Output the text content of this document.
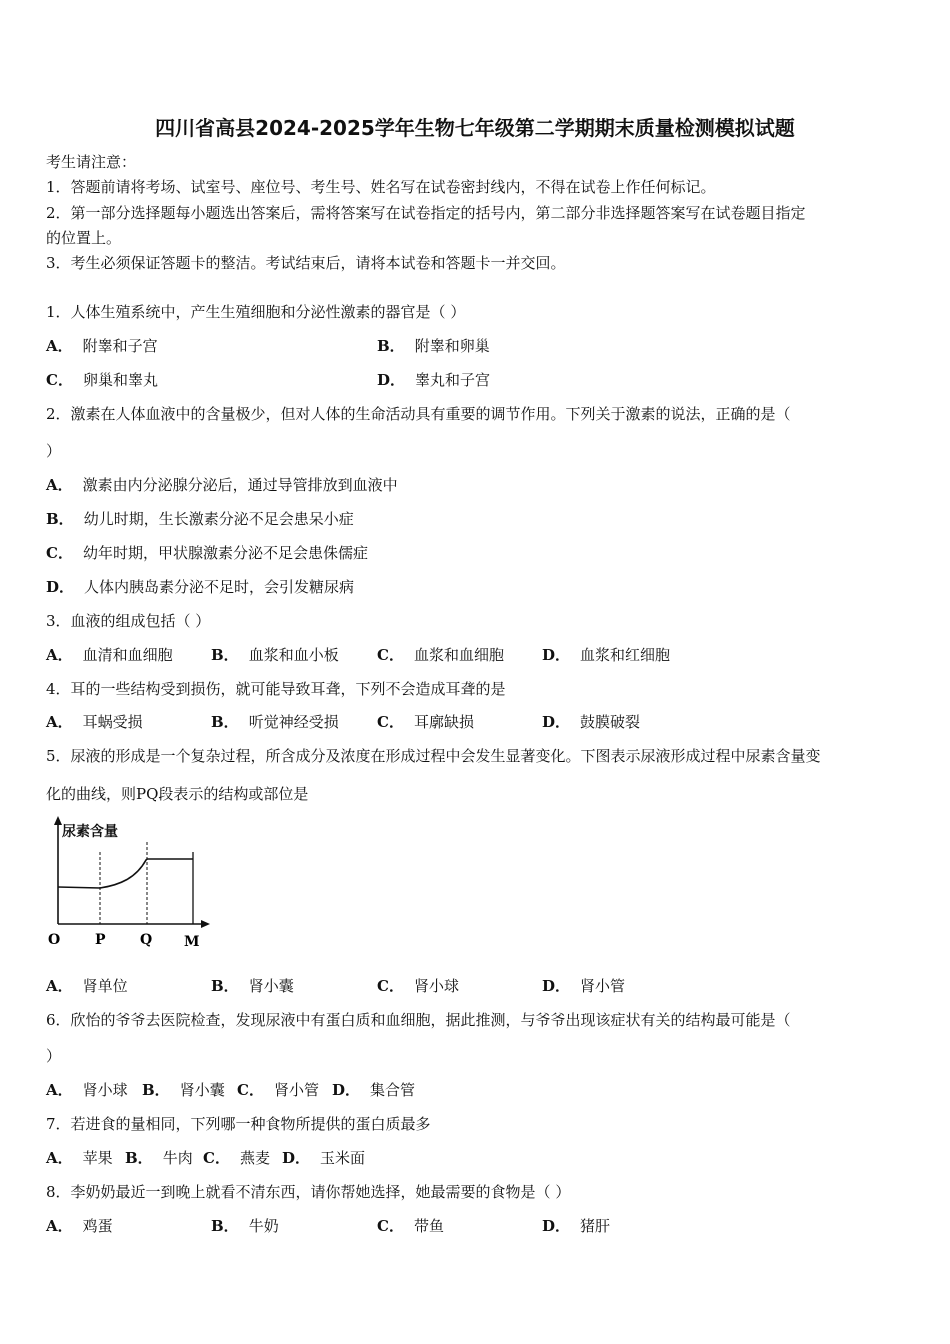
四川省高县2024-2025学年生物七年级第二学期期末质量检测模拟试题
考生请注意：
1．答题前请将考场、试室号、座位号、考生号、姓名写在试卷密封线内，不得在试卷上作任何标记。
2．第一部分选择题每小题选出答案后，需将答案写在试卷指定的括号内，第二部分非选择题答案写在试卷题目指定
的位置上。
3．考生必须保证答题卡的整洁。考试结束后，请将本试卷和答题卡一并交回。
1．人体生殖系统中，产生生殖细胞和分泌性激素的器官是（ ）
A． 附睾和子宫	B． 附睾和卵巢
C． 卵巢和睾丸	D． 睾丸和子宫
2．激素在人体血液中的含量极少，但对人体的生命活动具有重要的调节作用。下列关于激素的说法，正确的是（
）
A． 激素由内分泌腺分泌后，通过导管排放到血液中
B． 幼儿时期，生长激素分泌不足会患呆小症
C． 幼年时期，甲状腺激素分泌不足会患侏儒症
D． 人体内胰岛素分泌不足时，会引发糖尿病
3．血液的组成包括（ ）
A． 血清和血细胞	B． 血浆和血小板	C． 血浆和血细胞	D． 血浆和红细胞
4．耳的一些结构受到损伤，就可能导致耳聋，下列不会造成耳聋的是
A． 耳蜗受损	B． 听觉神经受损	C． 耳廓缺损	D． 鼓膜破裂
5．尿液的形成是一个复杂过程，所含成分及浓度在形成过程中会发生显著变化。下图表示尿液形成过程中尿素含量变
化的曲线，则PQ段表示的结构或部位是
尿素含量
O P Q M
A． 肾单位	B． 肾小囊	C． 肾小球	D． 肾小管
6．欣怡的爷爷去医院检查，发现尿液中有蛋白质和血细胞，据此推测，与爷爷出现该症状有关的结构最可能是（
）
A． 肾小球 B． 肾小囊 C． 肾小管 D． 集合管
7．若进食的量相同，下列哪一种食物所提供的蛋白质最多
A． 苹果 B． 牛肉 C． 燕麦 D． 玉米面
8．李奶奶最近一到晚上就看不清东西，请你帮她选择，她最需要的食物是（ ）
A． 鸡蛋	B． 牛奶	C． 带鱼	D． 猪肝
